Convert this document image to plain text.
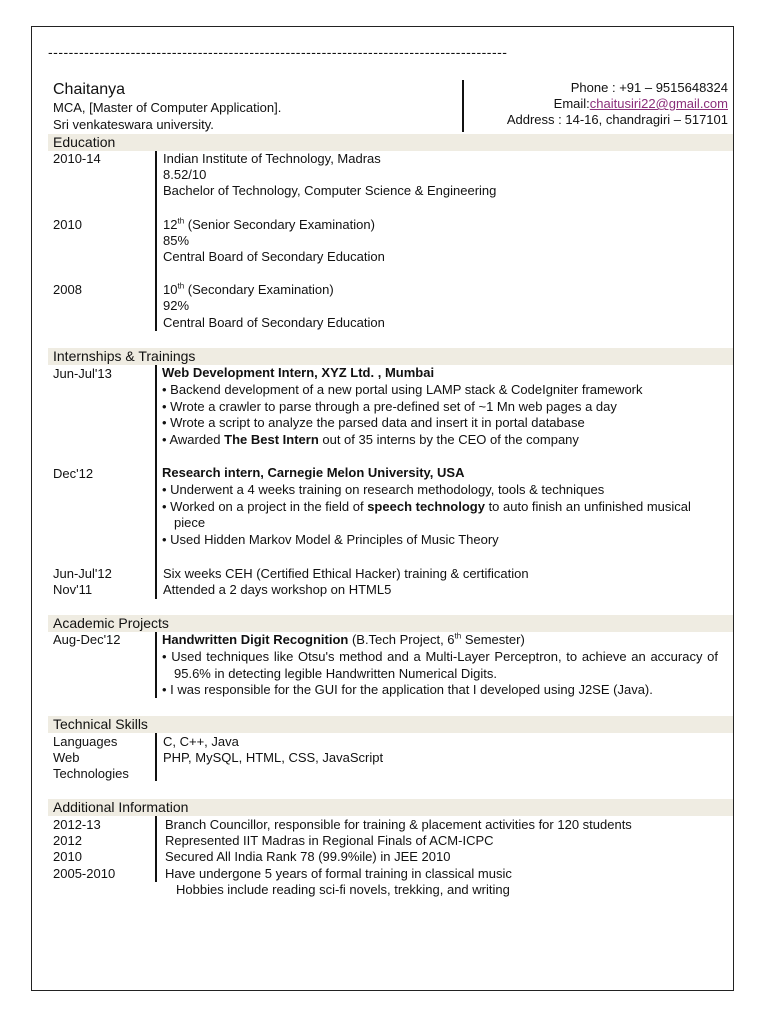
-----------------------------------------------------------------------------------------
Chaitanya
MCA, [Master of Computer Application].
Sri venkateswara university.
Phone : +91 – 9515648324
Email:chaitusiri22@gmail.com
Address : 14-16, chandragiri – 517101
Education
2010-14	Indian Institute of Technology, Madras
8.52/10
Bachelor of Technology, Computer Science & Engineering
2010	12th (Senior Secondary Examination)
85%
Central Board of Secondary Education
2008	10th (Secondary Examination)
92%
Central Board of Secondary Education
Internships & Trainings
Jun-Jul'13	Web Development Intern, XYZ Ltd. , Mumbai
• Backend development of a new portal using LAMP stack & CodeIgniter framework
• Wrote a crawler to parse through a pre-defined set of ~1 Mn web pages a day
• Wrote a script to analyze the parsed data and insert it in portal database
• Awarded The Best Intern out of 35 interns by the CEO of the company
Dec'12	Research intern, Carnegie Melon University, USA
• Underwent a 4 weeks training on research methodology, tools & techniques
• Worked on a project in the field of speech technology to auto finish an unfinished musical piece
• Used Hidden Markov Model & Principles of Music Theory
Jun-Jul'12	Six weeks CEH (Certified Ethical Hacker) training & certification
Nov'11	Attended a 2 days workshop on HTML5
Academic Projects
Aug-Dec'12	Handwritten Digit Recognition (B.Tech Project, 6th Semester)
• Used techniques like Otsu's method and a Multi-Layer Perceptron, to achieve an accuracy of 95.6% in detecting legible Handwritten Numerical Digits.
• I was responsible for the GUI for the application that I developed using J2SE (Java).
Technical Skills
Languages	C, C++, Java
Web	PHP, MySQL, HTML, CSS, JavaScript
Technologies
Additional Information
2012-13	Branch Councillor, responsible for training & placement activities for 120 students
2012	Represented IIT Madras in Regional Finals of ACM-ICPC
2010	Secured All India Rank 78 (99.9%ile) in JEE 2010
2005-2010	Have undergone 5 years of formal training in classical music
Hobbies include reading sci-fi novels, trekking, and writing
